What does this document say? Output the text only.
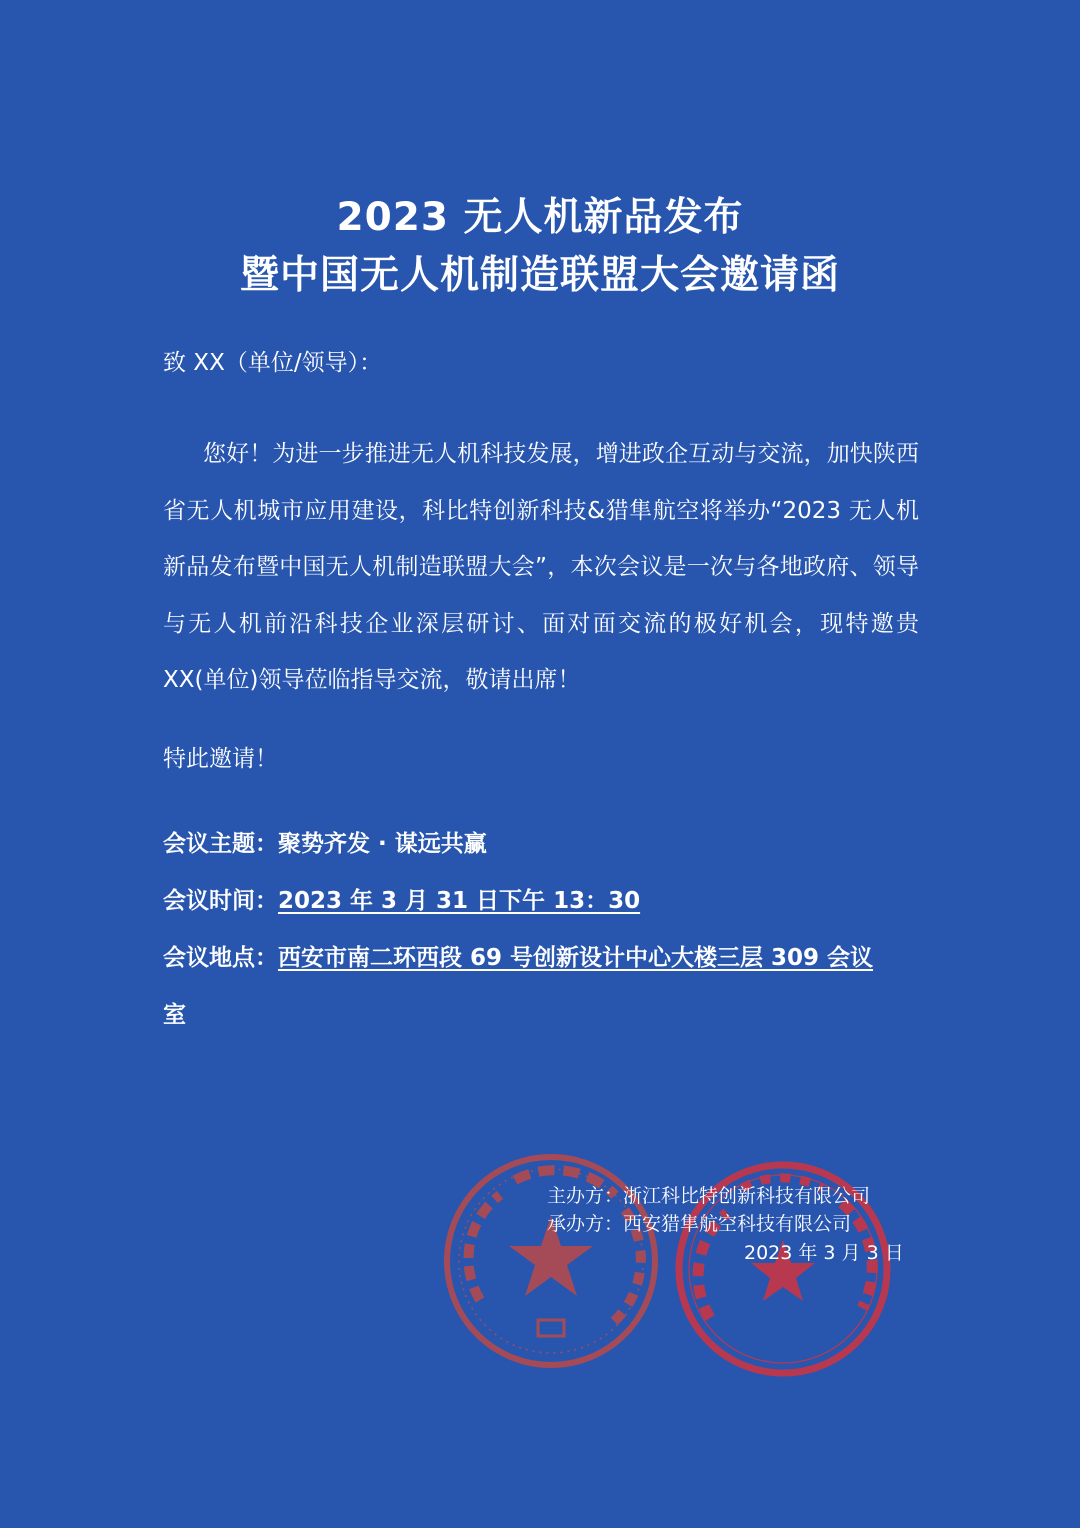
2023 无人机新品发布
暨中国无人机制造联盟大会邀请函
致 XX（单位/领导）：

您好！为进一步推进无人机科技发展，增进政企互动与交流，加快陕西省无人机城市应用建设，科比特创新科技&猎隼航空将举办“2023 无人机新品发布暨中国无人机制造联盟大会”，本次会议是一次与各地政府、领导与无人机前沿科技企业深层研讨、面对面交流的极好机会，现特邀贵 XX(单位)领导莅临指导交流，敬请出席！

特此邀请！
会议主题：聚势齐发 · 谋远共赢
会议时间：2023 年 3 月 31 日下午 13：30
会议地点：西安市南二环西段 69 号创新设计中心大楼三层 309 会议
室
主办方：浙江科比特创新科技有限公司
承办方：西安猎隼航空科技有限公司
2023 年 3 月 3 日
